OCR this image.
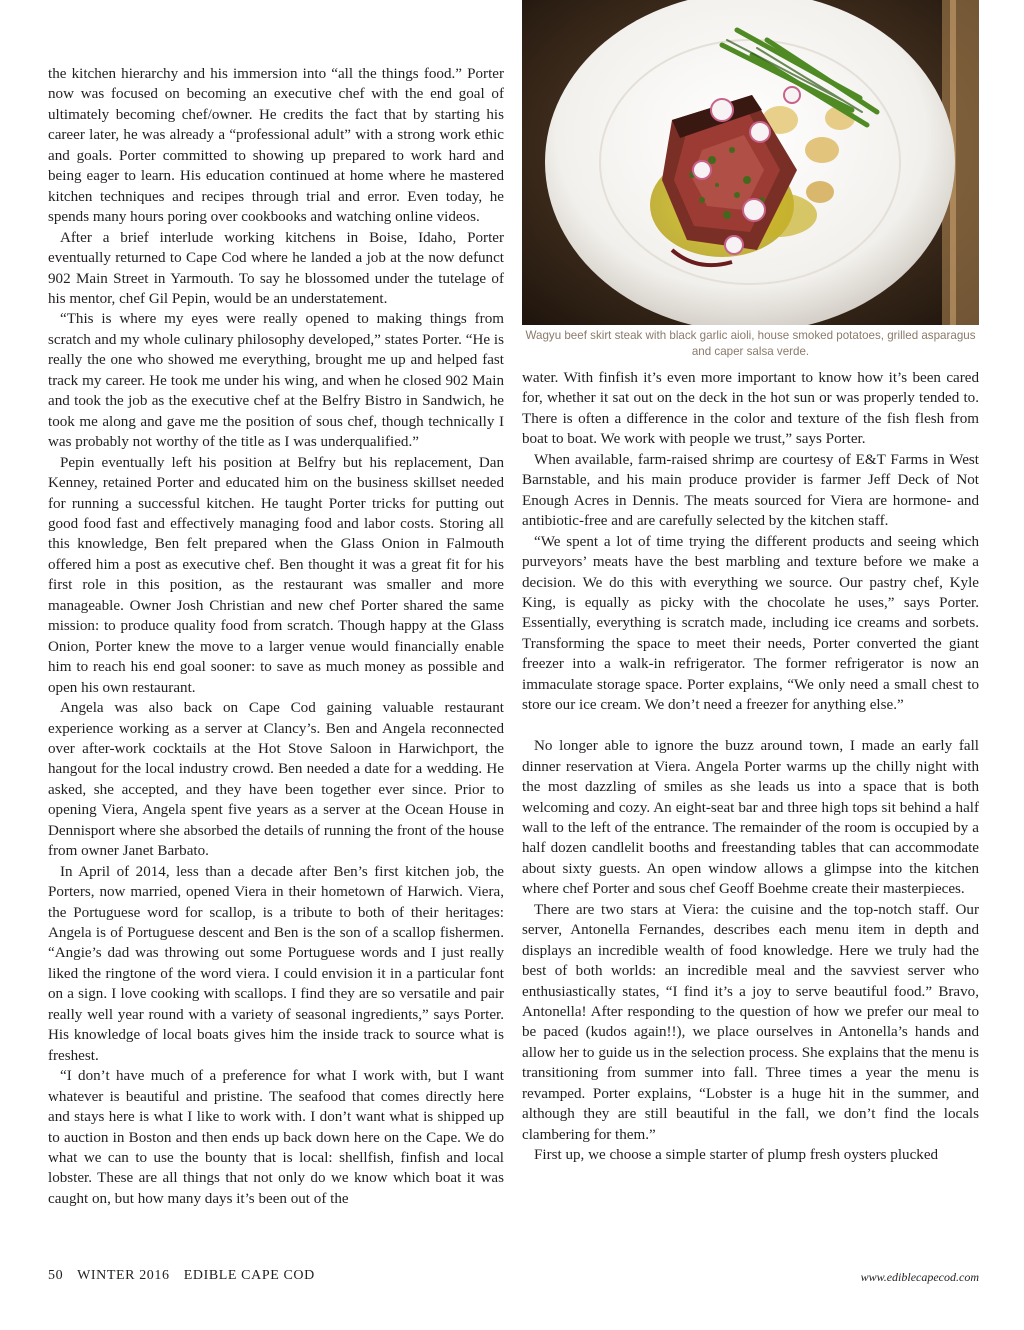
the kitchen hierarchy and his immersion into “all the things food.” Porter now was focused on becoming an executive chef with the end goal of ultimately becoming chef/owner. He credits the fact that by starting his career later, he was already a “professional adult” with a strong work ethic and goals. Porter committed to showing up prepared to work hard and being eager to learn. His education continued at home where he mastered kitchen techniques and recipes through trial and error. Even today, he spends many hours poring over cookbooks and watching online videos.

After a brief interlude working kitchens in Boise, Idaho, Porter eventually returned to Cape Cod where he landed a job at the now defunct 902 Main Street in Yarmouth. To say he blossomed under the tutelage of his mentor, chef Gil Pepin, would be an understatement.

“This is where my eyes were really opened to making things from scratch and my whole culinary philosophy developed,” states Porter. “He is really the one who showed me everything, brought me up and helped fast track my career. He took me under his wing, and when he closed 902 Main and took the job as the executive chef at the Belfry Bistro in Sandwich, he took me along and gave me the position of sous chef, though technically I was probably not worthy of the title as I was underqualified.”

Pepin eventually left his position at Belfry but his replacement, Dan Kenney, retained Porter and educated him on the business skillset needed for running a successful kitchen. He taught Porter tricks for putting out good food fast and effectively managing food and labor costs. Storing all this knowledge, Ben felt prepared when the Glass Onion in Falmouth offered him a post as executive chef. Ben thought it was a great fit for his first role in this position, as the restaurant was smaller and more manageable. Owner Josh Christian and new chef Porter shared the same mission: to produce quality food from scratch. Though happy at the Glass Onion, Porter knew the move to a larger venue would financially enable him to reach his end goal sooner: to save as much money as possible and open his own restaurant.

Angela was also back on Cape Cod gaining valuable restaurant experience working as a server at Clancy’s. Ben and Angela reconnected over after-work cocktails at the Hot Stove Saloon in Harwichport, the hangout for the local industry crowd. Ben needed a date for a wedding. He asked, she accepted, and they have been together ever since. Prior to opening Viera, Angela spent five years as a server at the Ocean House in Dennisport where she absorbed the details of running the front of the house from owner Janet Barbato.

In April of 2014, less than a decade after Ben’s first kitchen job, the Porters, now married, opened Viera in their hometown of Harwich. Viera, the Portuguese word for scallop, is a tribute to both of their heritages: Angela is of Portuguese descent and Ben is the son of a scallop fishermen. “Angie’s dad was throwing out some Portuguese words and I just really liked the ringtone of the word viera. I could envision it in a particular font on a sign. I love cooking with scallops. I find they are so versatile and pair really well year round with a variety of seasonal ingredients,” says Porter. His knowledge of local boats gives him the inside track to source what is freshest.

“I don’t have much of a preference for what I work with, but I want whatever is beautiful and pristine. The seafood that comes directly here and stays here is what I like to work with. I don’t want what is shipped up to auction in Boston and then ends up back down here on the Cape. We do what we can to use the bounty that is local: shellfish, finfish and local lobster. These are all things that not only do we know which boat it was caught on, but how many days it’s been out of the

Wagyu beef skirt steak with black garlic aioli, house smoked potatoes, grilled asparagus and caper salsa verde.

water. With finfish it’s even more important to know how it’s been cared for, whether it sat out on the deck in the hot sun or was properly tended to. There is often a difference in the color and texture of the fish flesh from boat to boat. We work with people we trust,” says Porter.

When available, farm-raised shrimp are courtesy of E&T Farms in West Barnstable, and his main produce provider is farmer Jeff Deck of Not Enough Acres in Dennis. The meats sourced for Viera are hormone- and antibiotic-free and are carefully selected by the kitchen staff.

“We spent a lot of time trying the different products and seeing which purveyors’ meats have the best marbling and texture before we make a decision. We do this with everything we source. Our pastry chef, Kyle King, is equally as picky with the chocolate he uses,” says Porter. Essentially, everything is scratch made, including ice creams and sorbets. Transforming the space to meet their needs, Porter converted the giant freezer into a walk-in refrigerator. The former refrigerator is now an immaculate storage space. Porter explains, “We only need a small chest to store our ice cream. We don’t need a freezer for anything else.”

No longer able to ignore the buzz around town, I made an early fall dinner reservation at Viera. Angela Porter warms up the chilly night with the most dazzling of smiles as she leads us into a space that is both welcoming and cozy. An eight-seat bar and three high tops sit behind a half wall to the left of the entrance. The remainder of the room is occupied by a half dozen candlelit booths and freestanding tables that can accommodate about sixty guests. An open window allows a glimpse into the kitchen where chef Porter and sous chef Geoff Boehme create their masterpieces.

There are two stars at Viera: the cuisine and the top-notch staff. Our server, Antonella Fernandes, describes each menu item in depth and displays an incredible wealth of food knowledge. Here we truly had the best of both worlds: an incredible meal and the savviest server who enthusiastically states, “I find it’s a joy to serve beautiful food.” Bravo, Antonella! After responding to the question of how we prefer our meal to be paced (kudos again!!), we place ourselves in Antonella’s hands and allow her to guide us in the selection process. She explains that the menu is transitioning from summer into fall. Three times a year the menu is revamped. Porter explains, “Lobster is a huge hit in the summer, and although they are still beautiful in the fall, we don’t find the locals clambering for them.”

First up, we choose a simple starter of plump fresh oysters plucked

50 WINTER 2016 EDIBLE CAPE COD	www.ediblecapecod.com
